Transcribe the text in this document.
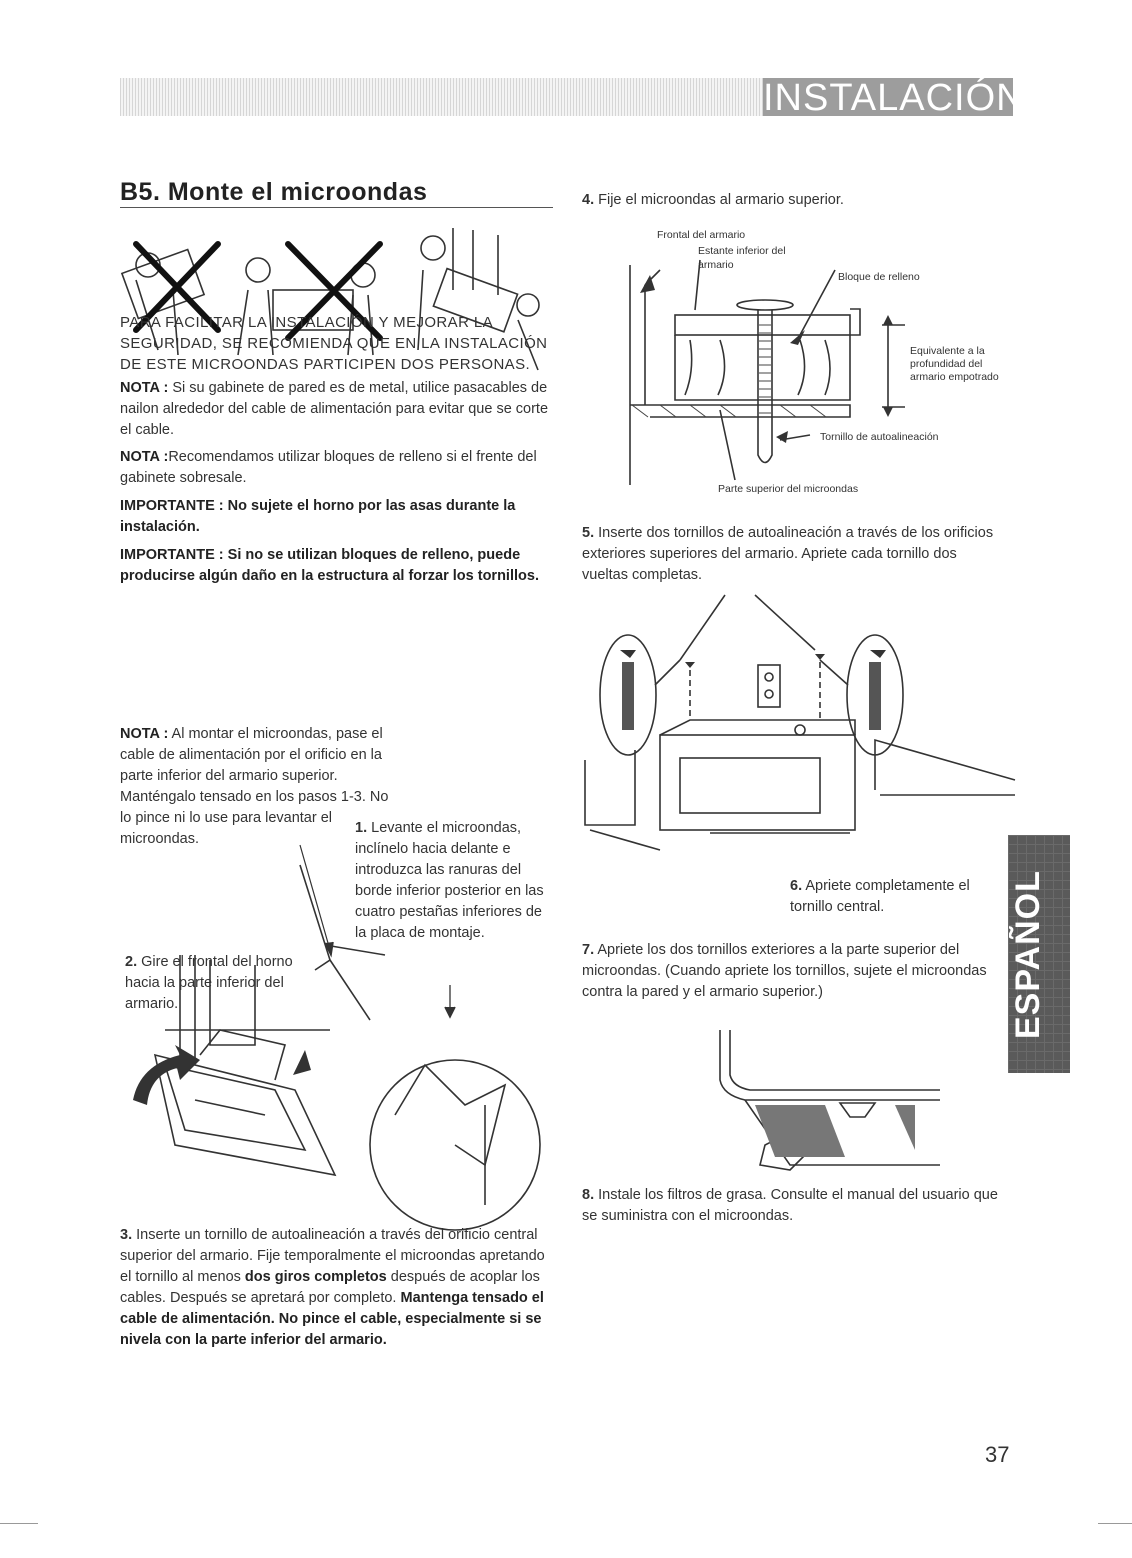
INSTALACIÓN
B5. Monte el microondas
PARA FACILITAR LA INSTALACIÓN Y MEJORAR LA SEGURIDAD, SE RECOMIENDA QUE EN LA INSTALACIÓN DE ESTE MICROONDAS PARTICIPEN DOS PERSONAS.
NOTA : Si su gabinete de pared es de metal, utilice pasacables de nailon alrededor del cable de alimentación para evitar que se corte el cable.
NOTA :Recomendamos utilizar bloques de relleno si el frente del gabinete sobresale.
IMPORTANTE : No sujete el horno por las asas durante la instalación.
IMPORTANTE : Si no se utilizan bloques de relleno, puede producirse algún daño en la estructura al forzar los tornillos.
NOTA : Al montar el microondas, pase el cable de alimentación por el orificio en la parte inferior del armario superior. Manténgalo tensado en los pasos 1-3. No lo pince ni lo use para levantar el microondas.
1. Levante el microondas, inclínelo hacia delante e introduzca las ranuras del borde inferior posterior en las cuatro pestañas inferiores de la placa de montaje.
2. Gire el frontal del horno hacia la parte inferior del armario.
3. Inserte un tornillo de autoalineación a través del orificio central superior del armario. Fije temporalmente el microondas apretando el tornillo al menos dos giros completos después de acoplar los cables. Después se apretará por completo. Mantenga tensado el cable de alimentación. No pince el cable, especialmente si se nivela con la parte inferior del armario.
4. Fije el microondas al armario superior.
Frontal del armario
Estante inferior del
armario
Bloque de relleno
Equivalente a la
profundidad del
armario empotrado
Tornillo de autoalineación
Parte superior del microondas
5. Inserte dos tornillos de autoalineación a través de los orificios exteriores superiores del armario. Apriete cada tornillo dos vueltas completas.
6. Apriete completamente el tornillo central.
7. Apriete los dos tornillos exteriores a la parte superior del microondas. (Cuando apriete los tornillos, sujete el microondas contra la pared y el armario superior.)
8. Instale los filtros de grasa. Consulte el manual del usuario que se suministra con el microondas.
ESPAÑOL
37
